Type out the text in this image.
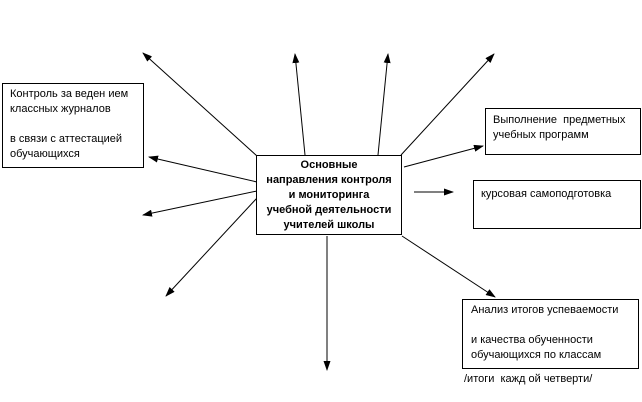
Контроль за веден ием
классных журналов
в связи с аттестацией
обучающихся
Основные
направления контроля
и мониторинга
учебной деятельности
учителей школы
Выполнение  предметных
учебных программ
курсовая самоподготовка
Анализ итогов успеваемости
и качества обученности
обучающихся по классам
/итоги  кажд ой четверти/
